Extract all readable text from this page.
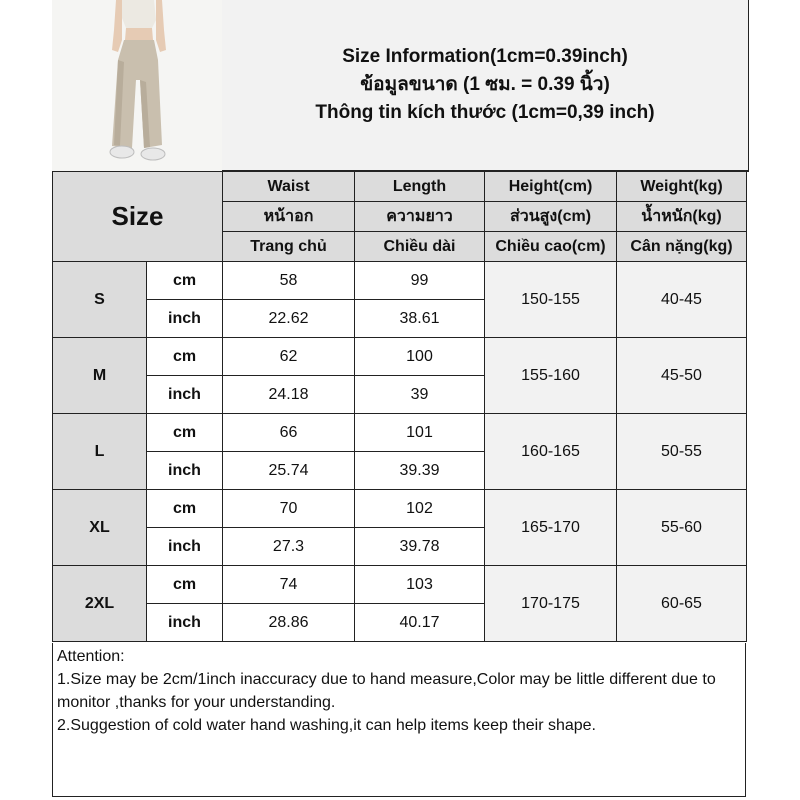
Size Information(1cm=0.39inch)
ข้อมูลขนาด (1 ซม. = 0.39 นิ้ว)
Thông tin kích thước (1cm=0,39 inch)
Size		Waist	Length	Height(cm)	Weight(kg)
		หน้าอก	ความยาว	ส่วนสูง(cm)	น้ำหนัก(kg)
		Trang chủ	Chiều dài	Chiều cao(cm)	Cân nặng(kg)
S	cm	58	99	150-155	40-45
	inch	22.62	38.61		
M	cm	62	100	155-160	45-50
	inch	24.18	39		
L	cm	66	101	160-165	50-55
	inch	25.74	39.39		
XL	cm	70	102	165-170	55-60
	inch	27.3	39.78		
2XL	cm	74	103	170-175	60-65
	inch	28.86	40.17		
Attention:
1.Size may be 2cm/1inch inaccuracy due to hand measure,Color may be little different due to monitor ,thanks for your understanding.
2.Suggestion of cold water hand washing,it can help items keep their shape.
